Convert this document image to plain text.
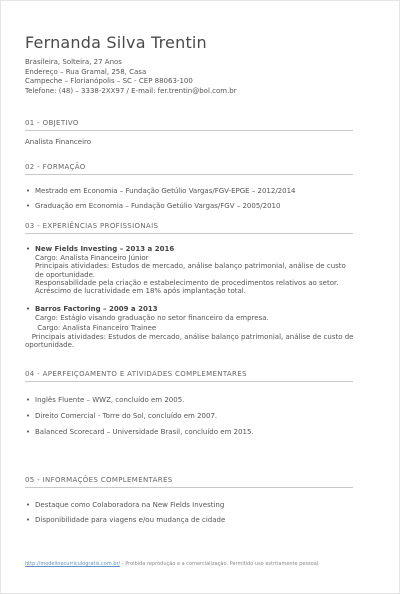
Fernanda Silva Trentin
Brasileira, Solteira, 27 Anos
Endereço – Rua Gramal, 258, Casa
Campeche – Florianópolis – SC - CEP 88063-100
Telefone: (48) – 3338-2XX97 / E-mail: fer.trentin@bol.com.br
01 - OBJETIVO
Analista Financeiro
02 - FORMAÇÃO
• Mestrado em Economia – Fundação Getúlio Vargas/FGV-EPGE – 2012/2014
• Graduação em Economia – Fundação Getúlio Vargas/FGV – 2005/2010
03 - EXPERIÊNCIAS PROFISSIONAIS
• New Fields Investing – 2013 a 2016
Cargo: Analista Financeiro Júnior
Principais atividades: Estudos de mercado, análise balanço patrimonial, análise de custo de oportunidade.
Responsabilidade pela criação e estabelecimento de procedimentos relativos ao setor.
Acréscimo de lucratividade em 18% após implantação total.
• Barros Factoring – 2009 a 2013
Cargo: Estágio visando graduação no setor financeiro da empresa.
Cargo: Analista Financeiro Trainee
Principais atividades: Estudos de mercado, análise balanço patrimonial, análise de custo de oportunidade.
04 - APERFEIÇOAMENTO E ATIVIDADES COMPLEMENTARES
• Inglês Fluente – WWZ, concluído em 2005.
• Direito Comercial - Torre do Sol, concluído em 2007.
• Balanced Scorecard – Universidade Brasil, concluído em 2015.
05 - INFORMAÇÕES COMPLEMENTARES
• Destaque como Colaboradora na New Fields Investing
• Disponibilidade para viagens e/ou mudança de cidade
http://modelinecurriculogratis.com.br/ - Proibida reprodução e a comercialização. Permitido uso estritamente pessoal.
